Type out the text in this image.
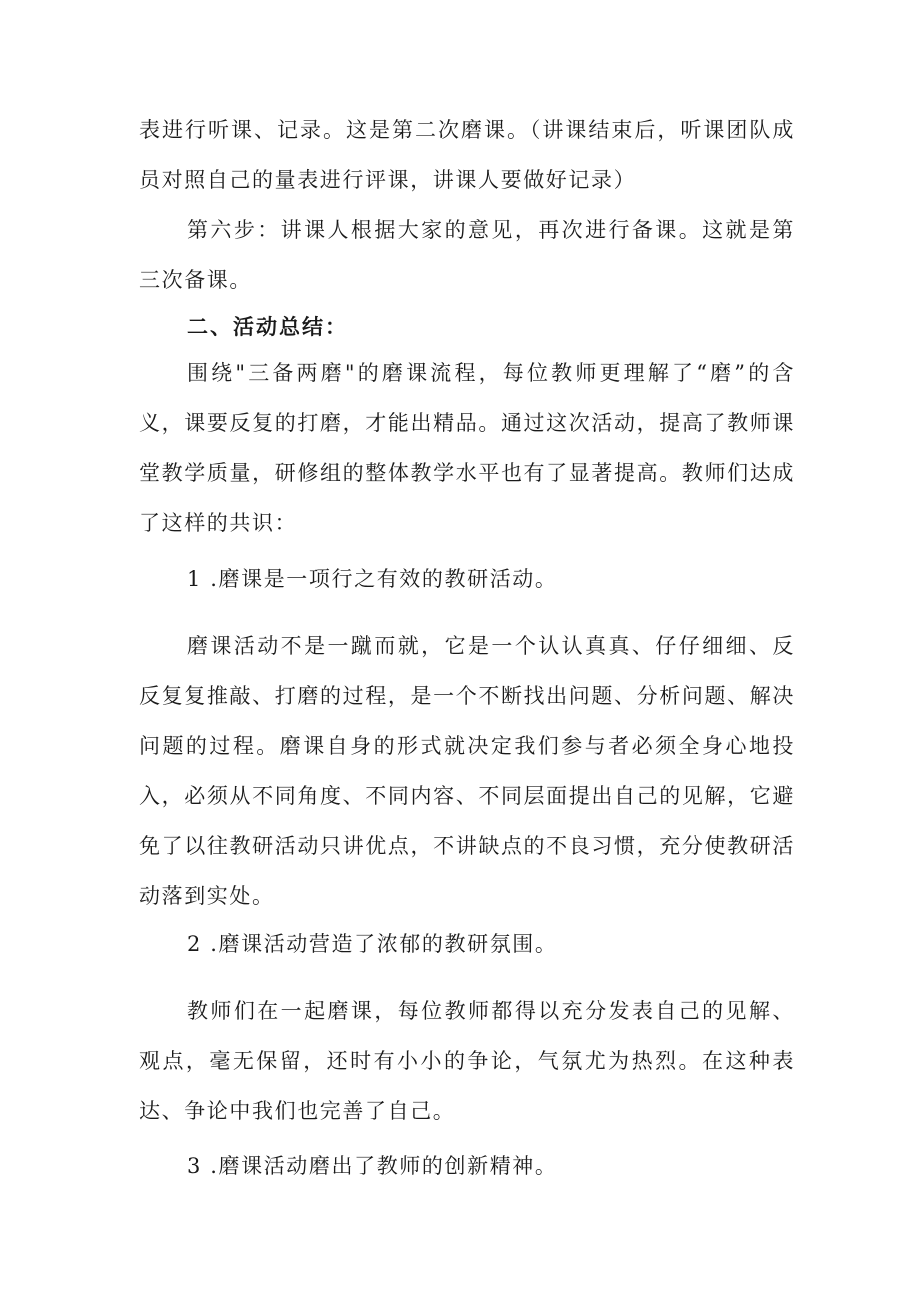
表进行听课、记录。这是第二次磨课。（讲课结束后，听课团队成员对照自己的量表进行评课，讲课人要做好记录）

第六步：讲课人根据大家的意见，再次进行备课。这就是第三次备课。

二、活动总结：

围绕"三备两磨"的磨课流程，每位教师更理解了“磨”的含义，课要反复的打磨，才能出精品。通过这次活动，提高了教师课堂教学质量，研修组的整体教学水平也有了显著提高。教师们达成了这样的共识：

1 .磨课是一项行之有效的教研活动。

磨课活动不是一蹴而就，它是一个认认真真、仔仔细细、反反复复推敲、打磨的过程，是一个不断找出问题、分析问题、解决问题的过程。磨课自身的形式就决定我们参与者必须全身心地投入，必须从不同角度、不同内容、不同层面提出自己的见解，它避免了以往教研活动只讲优点，不讲缺点的不良习惯，充分使教研活动落到实处。

2 .磨课活动营造了浓郁的教研氛围。

教师们在一起磨课，每位教师都得以充分发表自己的见解、观点，毫无保留，还时有小小的争论，气氛尤为热烈。在这种表达、争论中我们也完善了自己。

3 .磨课活动磨出了教师的创新精神。
